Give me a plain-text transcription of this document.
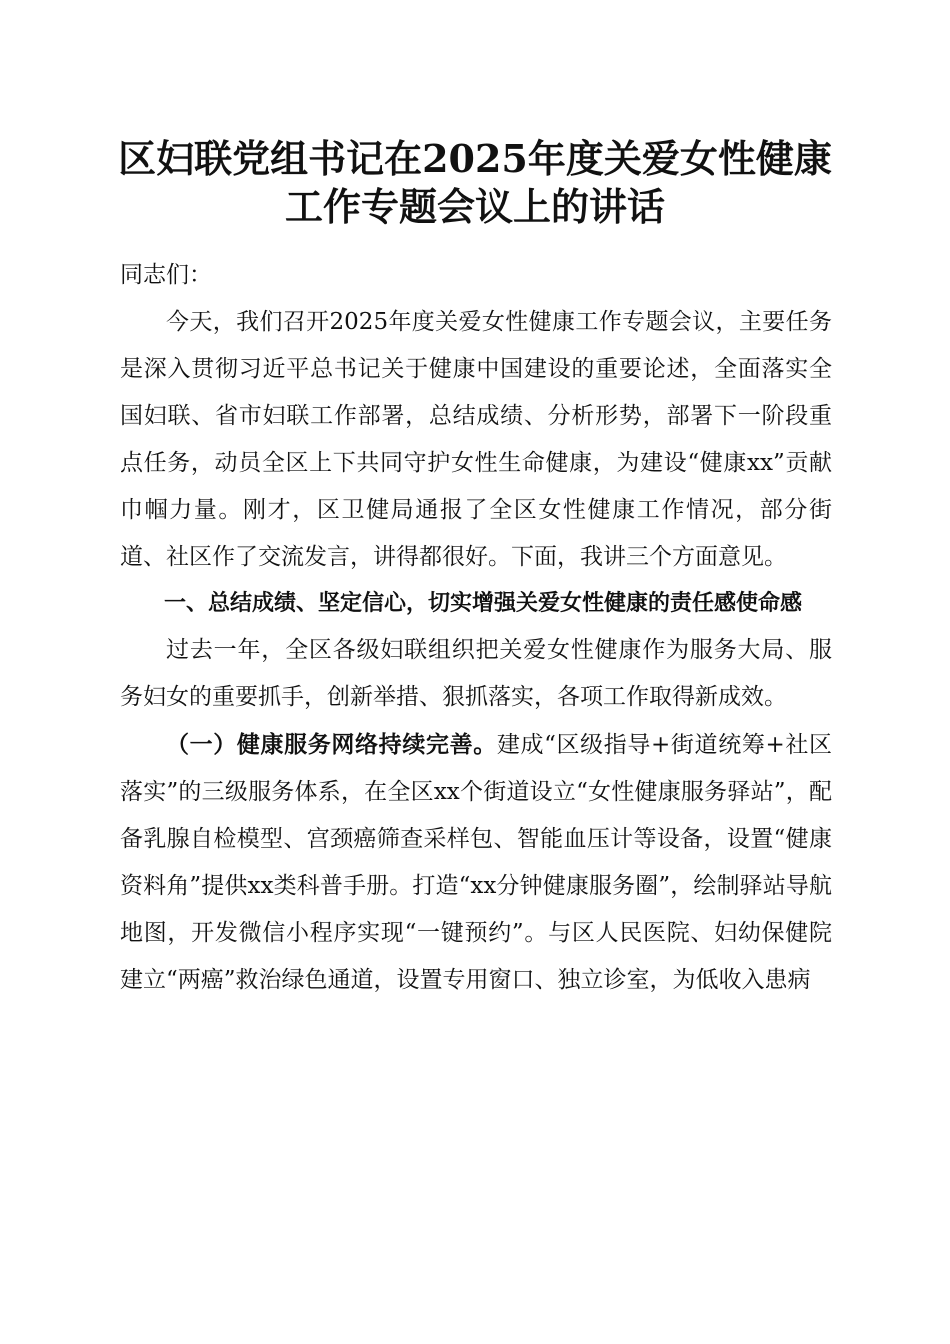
区妇联党组书记在2025年度关爱女性健康工作专题会议上的讲话

同志们：

今天，我们召开2025年度关爱女性健康工作专题会议，主要任务是深入贯彻习近平总书记关于健康中国建设的重要论述，全面落实全国妇联、省市妇联工作部署，总结成绩、分析形势，部署下一阶段重点任务，动员全区上下共同守护女性生命健康，为建设“健康xx”贡献巾帼力量。刚才，区卫健局通报了全区女性健康工作情况，部分街道、社区作了交流发言，讲得都很好。下面，我讲三个方面意见。

一、总结成绩、坚定信心，切实增强关爱女性健康的责任感使命感

过去一年，全区各级妇联组织把关爱女性健康作为服务大局、服务妇女的重要抓手，创新举措、狠抓落实，各项工作取得新成效。

（一）健康服务网络持续完善。建成“区级指导+街道统筹+社区落实”的三级服务体系，在全区xx个街道设立“女性健康服务驿站”，配备乳腺自检模型、宫颈癌筛查采样包、智能血压计等设备，设置“健康资料角”提供xx类科普手册。打造“xx分钟健康服务圈”，绘制驿站导航地图，开发微信小程序实现“一键预约”。与区人民医院、妇幼保健院建立“两癌”救治绿色通道，设置专用窗口、独立诊室，为低收入患病
